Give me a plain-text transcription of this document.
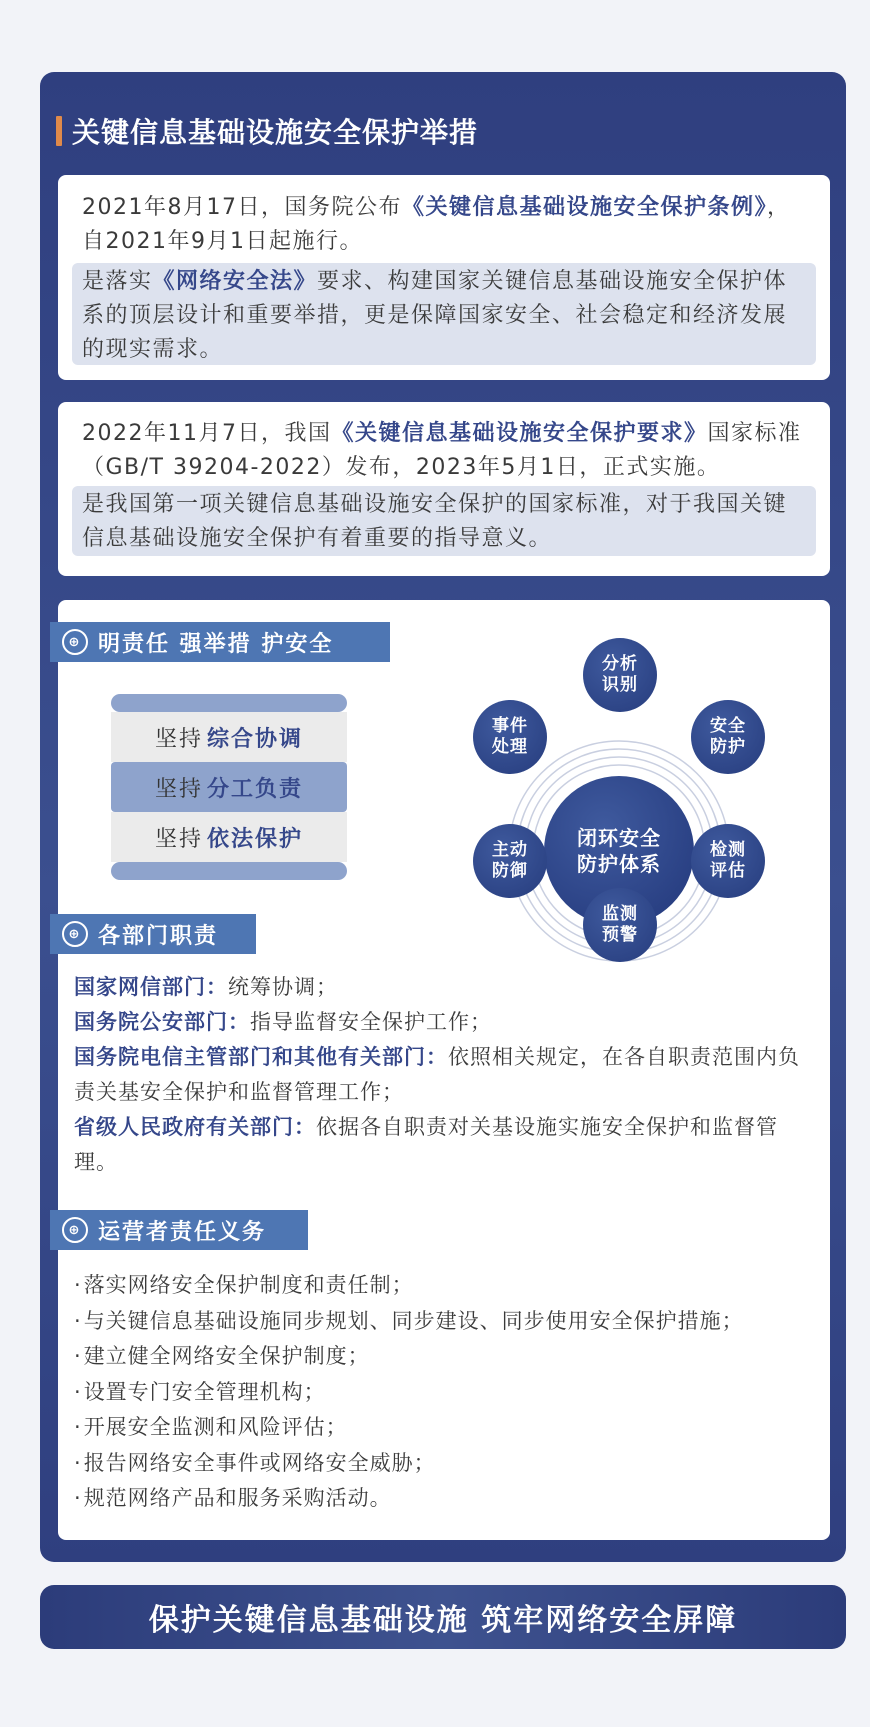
关键信息基础设施安全保护举措
2021年8月17日，国务院公布《关键信息基础设施安全保护条例》，自2021年9月1日起施行。
是落实《网络安全法》要求、构建国家关键信息基础设施安全保护体系的顶层设计和重要举措，更是保障国家安全、社会稳定和经济发展的现实需求。
2022年11月7日，我国《关键信息基础设施安全保护要求》国家标准（GB/T 39204-2022）发布，2023年5月1日，正式实施。
是我国第一项关键信息基础设施安全保护的国家标准，对于我国关键信息基础设施安全保护有着重要的指导意义。
⊕ 明责任 强举措 护安全
坚持 综合协调
坚持 分工负责
坚持 依法保护	闭环安全防护体系
分析识别
安全防护
检测评估
监测预警
主动防御
事件处理
⊕ 各部门职责
国家网信部门：统筹协调；
国务院公安部门：指导监督安全保护工作；
国务院电信主管部门和其他有关部门：依照相关规定，在各自职责范围内负责关基安全保护和监督管理工作；
省级人民政府有关部门：依据各自职责对关基设施实施安全保护和监督管理。
⊕ 运营者责任义务
· 落实网络安全保护制度和责任制；
· 与关键信息基础设施同步规划、同步建设、同步使用安全保护措施；
· 建立健全网络安全保护制度；
· 设置专门安全管理机构；
· 开展安全监测和风险评估；
· 报告网络安全事件或网络安全威胁；
· 规范网络产品和服务采购活动。
保护关键信息基础设施 筑牢网络安全屏障
